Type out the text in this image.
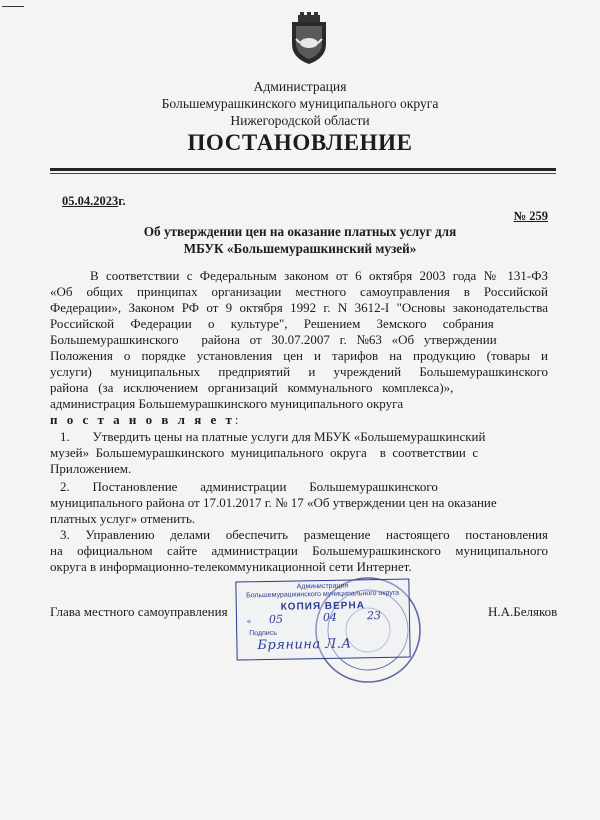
Администрация
Большемурашкинского муниципального округа
Нижегородской области
ПОСТАНОВЛЕНИЕ
05.04.2023г.
№ 259
Об утверждении цен на оказание платных услуг для
МБУК «Большемурашкинский музей»
В соответствии с Федеральным законом от 6 октября 2003 года № 131-ФЗ
«Об общих принципах организации местного самоуправления в Российской
Федерации», Законом РФ от 9 октября 1992 г. N 3612-I "Основы законодательства
Российской     Федерации     о     культуре",     Решением     Земского     собрания
Большемурашкинского       района   от   30.07.2007   г.   №63   «Об   утверждении
Положения о порядке установления цен и тарифов на продукцию (товары и
услуги) муниципальных предприятий и учреждений Большемурашкинского
района   (за   исключением   организаций   коммунального   комплекса)»,
администрация Большемурашкинского муниципального округа
п о с т а н о в л я е т:
1.       Утвердить цены на платные услуги для МБУК «Большемурашкинский
музей»  Большемурашкинского  муниципального  округа    в  соответствии  с
Приложением.
2.       Постановление       администрации       Большемурашкинского
муниципального района от 17.01.2017 г. № 17 «Об утверждении цен на оказание
платных услуг» отменить.
3. Управлению делами обеспечить размещение настоящего постановления
на официальном сайте администрации Большемурашкинского муниципального
округа в информационно-телекоммуникационной сети Интернет.
Глава местного самоуправления	Н.А.Беляков
Администрация
Большемурашкинского муниципального округа
КОПИЯ ВЕРНА
«
Подпись
05	04	23
Брянина Л.А
